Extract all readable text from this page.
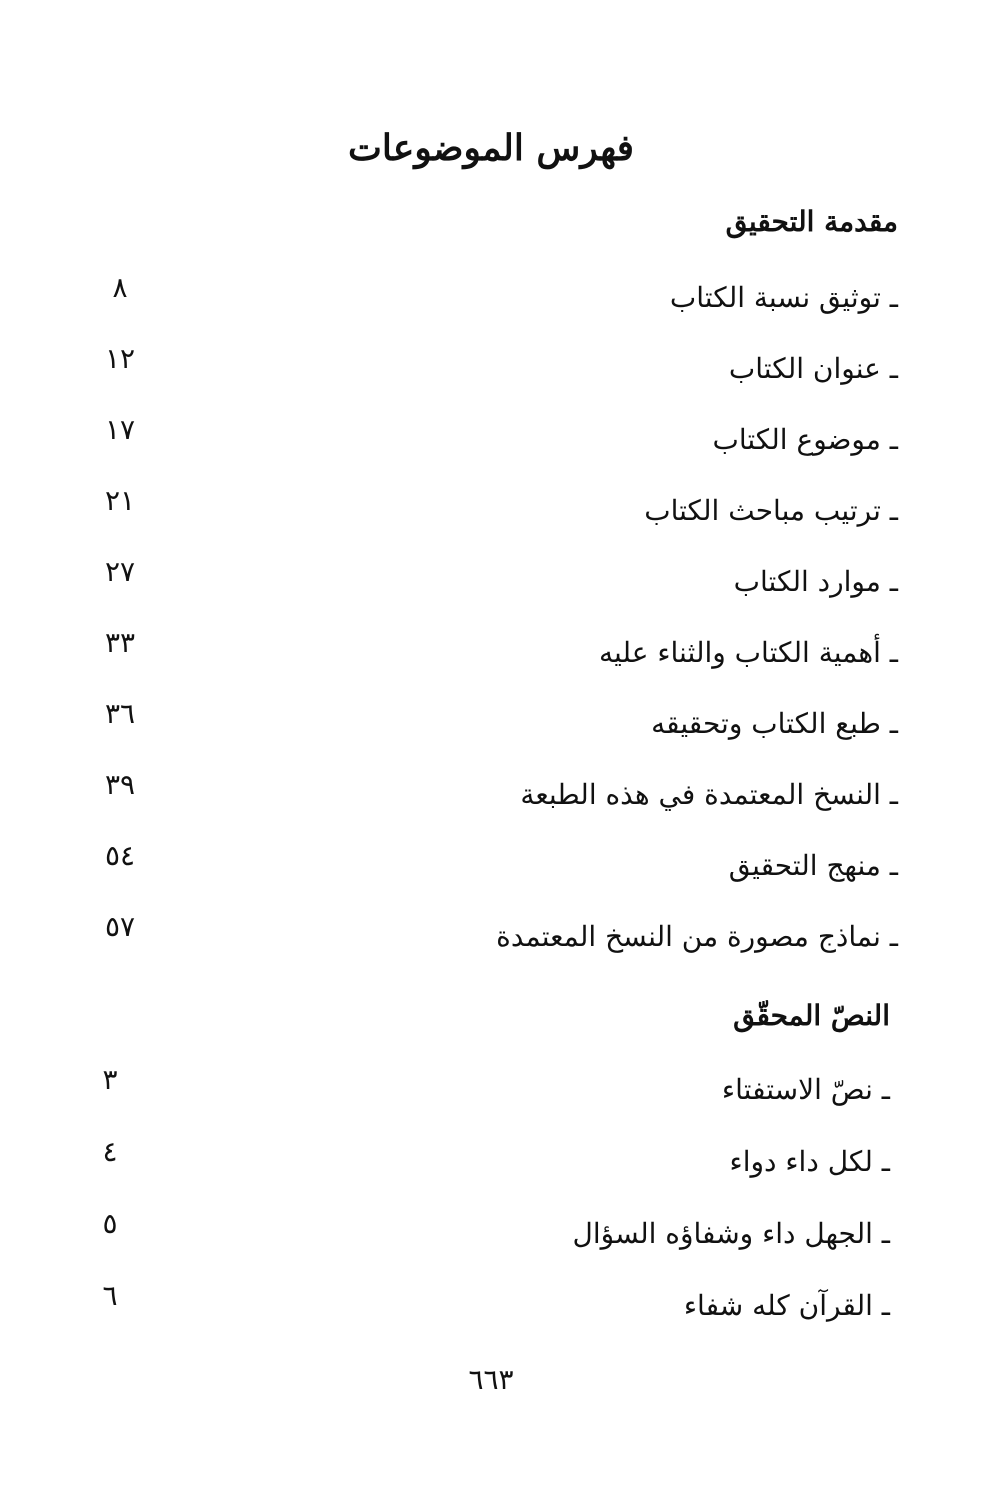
فهرس الموضوعات
مقدمة التحقيق
ـ توثيق نسبة الكتاب
٨
ـ عنوان الكتاب
١٢
ـ موضوع الكتاب
١٧
ـ ترتيب مباحث الكتاب
٢١
ـ موارد الكتاب
٢٧
ـ أهمية الكتاب والثناء عليه
٣٣
ـ طبع الكتاب وتحقيقه
٣٦
ـ النسخ المعتمدة في هذه الطبعة
٣٩
ـ منهج التحقيق
٥٤
ـ نماذج مصورة من النسخ المعتمدة
٥٧
النصّ المحقّق
ـ نصّ الاستفتاء
٣
ـ لكل داء دواء
٤
ـ الجهل داء وشفاؤه السؤال
٥
ـ القرآن كله شفاء
٦
٦٦٣
